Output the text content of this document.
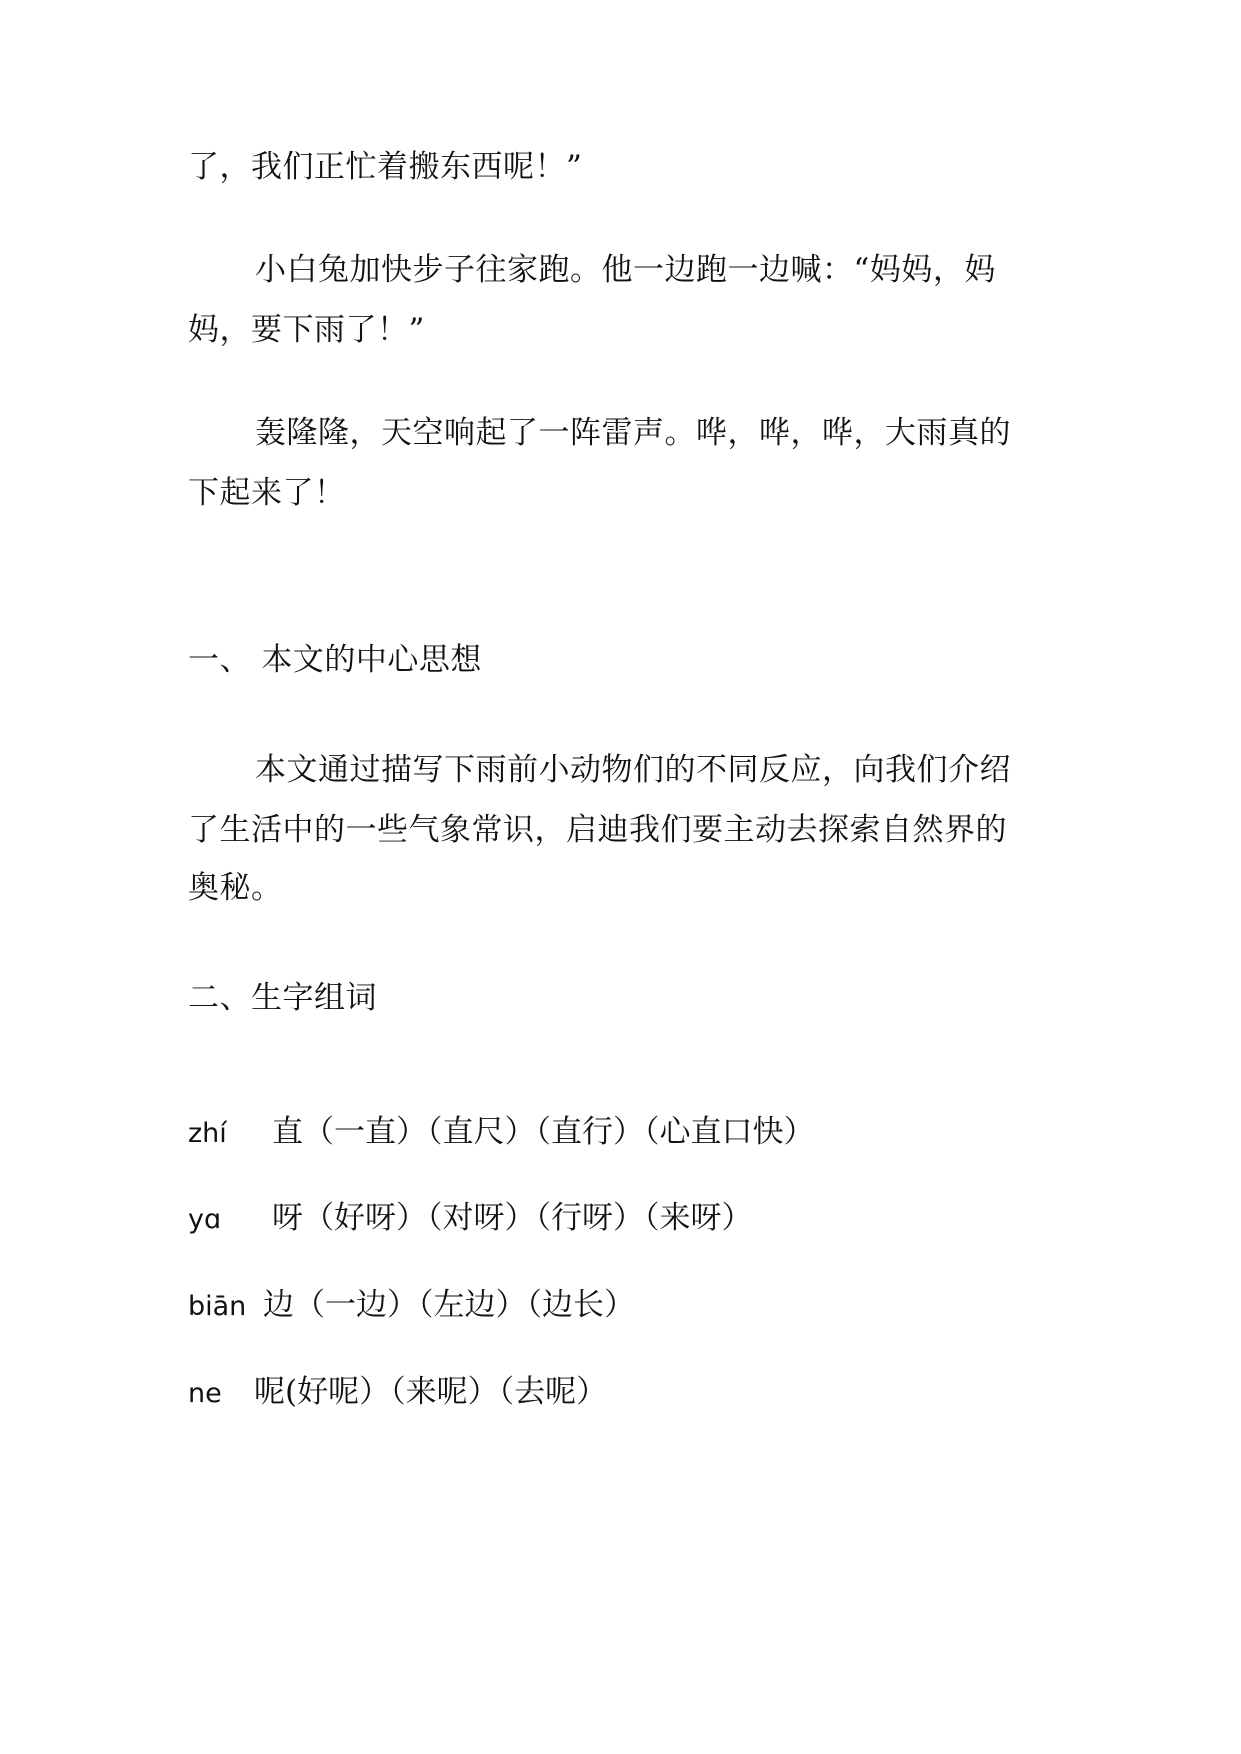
了，我们正忙着搬东西呢！”
小白兔加快步子往家跑。他一边跑一边喊：“妈妈，妈
妈，要下雨了！”
轰隆隆，天空响起了一阵雷声。哗，哗，哗，大雨真的
下起来了！
一、 本文的中心思想
本文通过描写下雨前小动物们的不同反应，向我们介绍
了生活中的一些气象常识，启迪我们要主动去探索自然界的
奥秘。
二、生字组词
zhí 直（一直）（直尺）（直行）（心直口快）
yɑ 呀（好呀）（对呀）（行呀）（来呀）
biān 边（一边）（左边）（边长）
ne 呢(好呢）（来呢）（去呢）
